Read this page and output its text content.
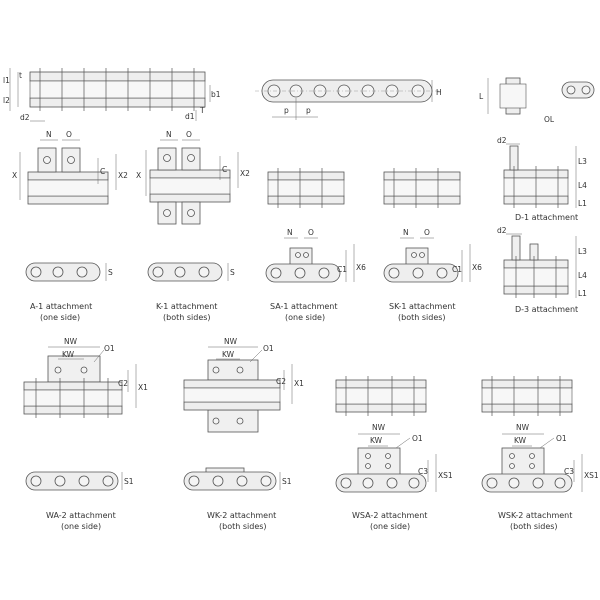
l2
l1
t
b1
d2	d1
T	p p
H	L
OL
X
N O
C X2 X
N O
C X2
d2
L3
L4
L1
D-1 attachment
S
A-1 attachment
(one side)
S
K-1 attachment
(both sides)
N O
C1 X6
SA-1 attachment
(one side)
N O
C1 X6
SK-1 attachment
(both sides)
d2
L3
L4
L1
D-3 attachment
NW
KW
O1
C2 X1
NW
KW
O1
C2 X1
S1
WA-2 attachment
(one side)
S1
WK-2 attachment
(both sides)
NW
KW	O1
C3 XS1
WSA-2 attachment
(one side)
NW
KW	O1
C3 XS1
WSK-2 attachment
(both sides)
